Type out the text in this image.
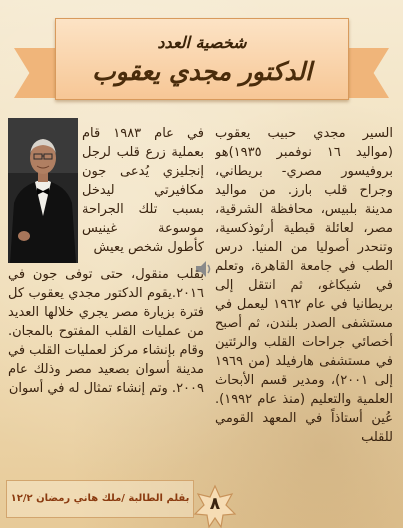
شخصية العدد
الدكتور مجدي يعقوب
السير مجدي حبيب يعقوب (مواليد ١٦ نوفمبر ١٩٣٥)هو بروفيسور مصري- بريطاني، وجراح قلب بارز. من مواليد مدينة بلبيس، محافظة الشرقية، مصر، لعائلة قبطية أرثوذكسية، وتنحدر أصوليا من المنيا. درس الطب في جامعة القاهرة، وتعلم في شيكاغو، ثم انتقل إلى بريطانيا في عام ١٩٦٢ ليعمل في مستشفى الصدر بلندن، ثم أصبح أخصائي جراحات القلب والرئتين في مستشفى هارفيلد (من ١٩٦٩ إلى ٢٠٠١)، ومدير قسم الأبحاث العلمية والتعليم (منذ عام ١٩٩٢). عُين أستاذاً في المعهد القومي للقلب
في عام ١٩٨٣ قام بعملية زرع قلب لرجل إنجليزي يُدعى جون مكافيرتي ليدخل بسبب تلك الجراحة موسوعة غينيس كأطول شخص يعيش
بقلب منقول، حتى توفى جون في ٢٠١٦.يقوم الدكتور مجدي يعقوب كل فترة بزيارة مصر يجري خلالها العديد من عمليات القلب المفتوح بالمجان. وقام بإنشاء مركز لعمليات القلب في مدينة أسوان بصعيد مصر وذلك عام ٢٠٠٩. وتم إنشاء تمثال له في أسوان
بقلم الطالبة /ملك هاني رمضان ١٢/٢	٨
